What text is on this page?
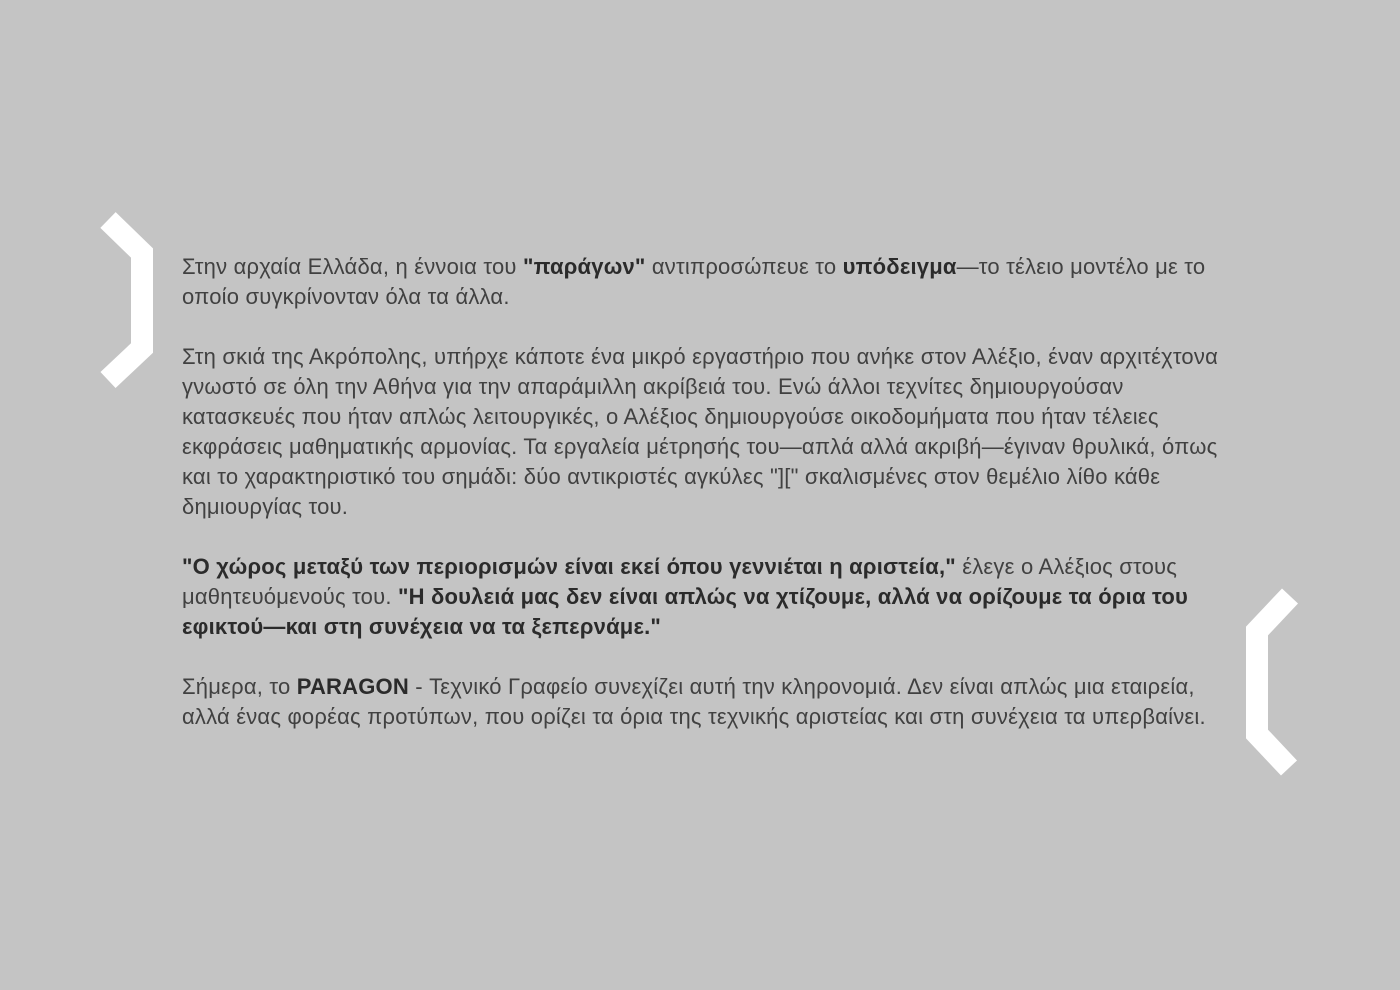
Στην αρχαία Ελλάδα, η έννοια του "παράγων" αντιπροσώπευε το υπόδειγμα—το τέλειο μοντέλο με το οποίο συγκρίνονταν όλα τα άλλα.

Στη σκιά της Ακρόπολης, υπήρχε κάποτε ένα μικρό εργαστήριο που ανήκε στον Αλέξιο, έναν αρχιτέχτονα γνωστό σε όλη την Αθήνα για την απαράμιλλη ακρίβειά του. Ενώ άλλοι τεχνίτες δημιουργούσαν κατασκευές που ήταν απλώς λειτουργικές, ο Αλέξιος δημιουργούσε οικοδομήματα που ήταν τέλειες εκφράσεις μαθηματικής αρμονίας. Τα εργαλεία μέτρησής του—απλά αλλά ακριβή—έγιναν θρυλικά, όπως και το χαρακτηριστικό του σημάδι: δύο αντικριστές αγκύλες "][" σκαλισμένες στον θεμέλιο λίθο κάθε δημιουργίας του.

"Ο χώρος μεταξύ των περιορισμών είναι εκεί όπου γεννιέται η αριστεία," έλεγε ο Αλέξιος στους μαθητευόμενούς του. "Η δουλειά μας δεν είναι απλώς να χτίζουμε, αλλά να ορίζουμε τα όρια του εφικτού—και στη συνέχεια να τα ξεπερνάμε."

Σήμερα, το PARAGON - Τεχνικό Γραφείο συνεχίζει αυτή την κληρονομιά. Δεν είναι απλώς μια εταιρεία, αλλά ένας φορέας προτύπων, που ορίζει τα όρια της τεχνικής αριστείας και στη συνέχεια τα υπερβαίνει.
